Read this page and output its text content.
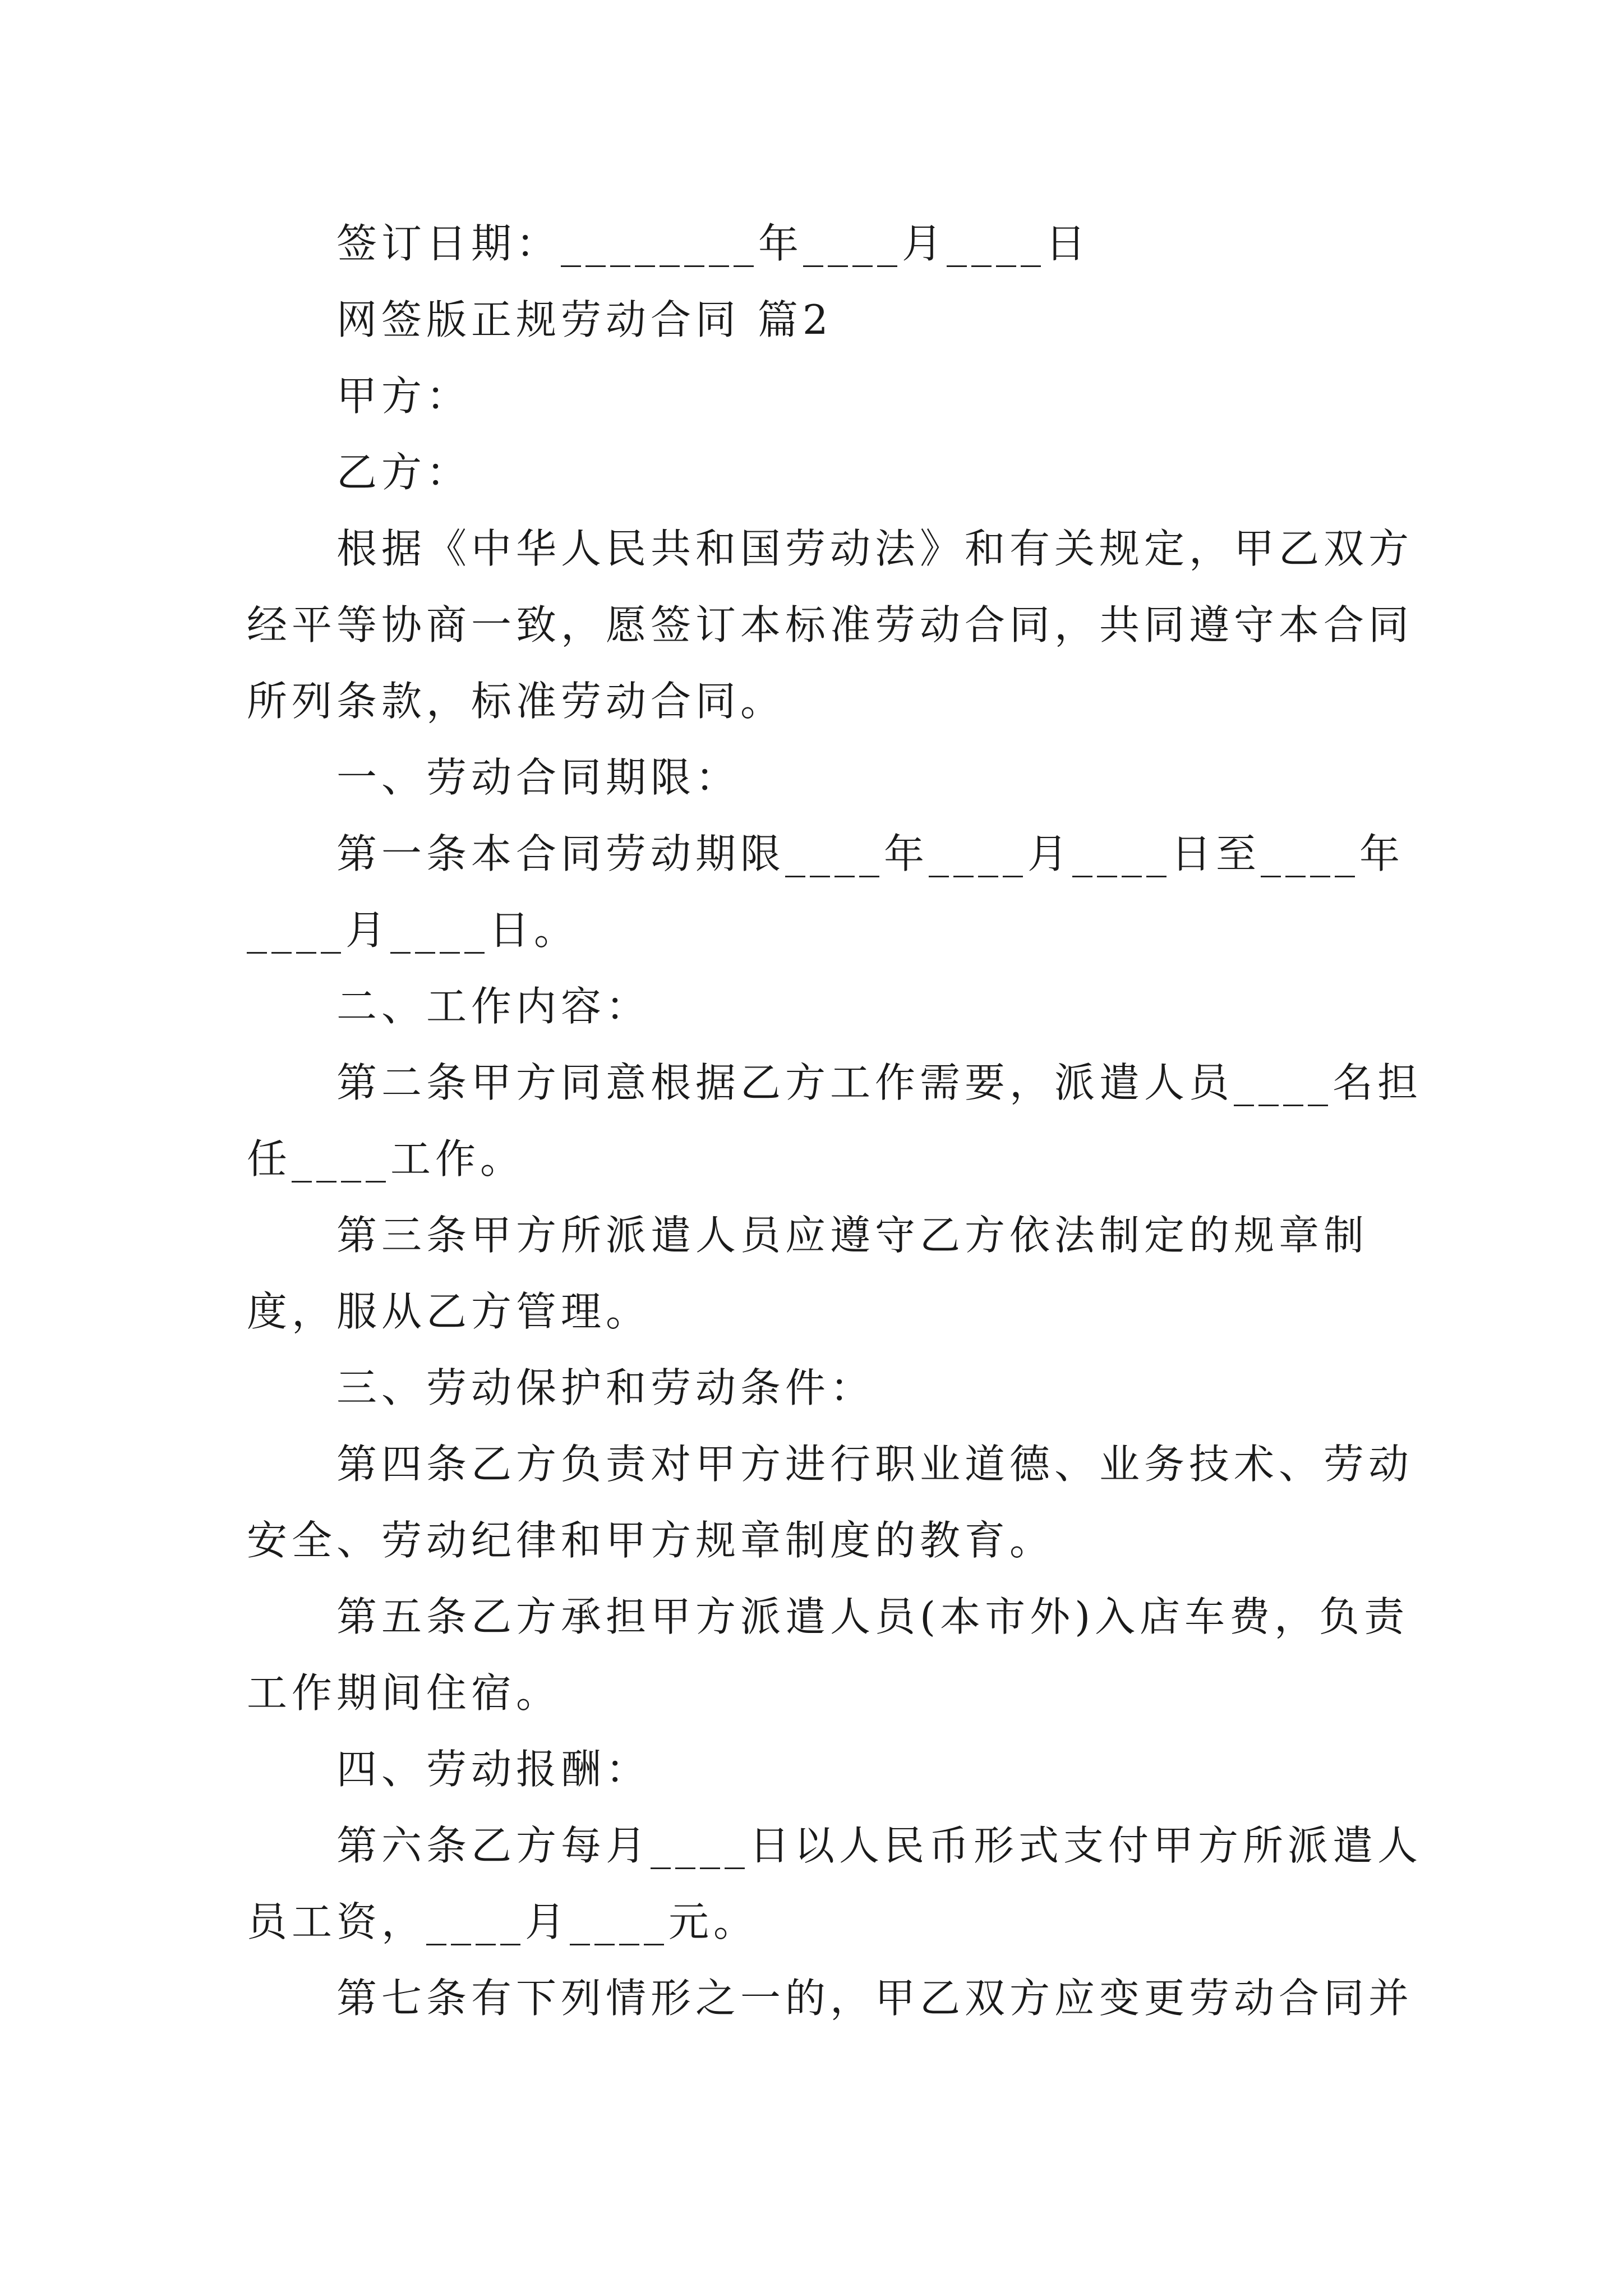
签订日期：________年____月____日
网签版正规劳动合同 篇2
甲方：
乙方：
根据《中华人民共和国劳动法》和有关规定，甲乙双方
经平等协商一致，愿签订本标准劳动合同，共同遵守本合同
所列条款，标准劳动合同。
一、劳动合同期限：
第一条本合同劳动期限____年____月____日至____年
____月____日。
二、工作内容：
第二条甲方同意根据乙方工作需要，派遣人员____名担
任____工作。
第三条甲方所派遣人员应遵守乙方依法制定的规章制
度，服从乙方管理。
三、劳动保护和劳动条件：
第四条乙方负责对甲方进行职业道德、业务技术、劳动
安全、劳动纪律和甲方规章制度的教育。
第五条乙方承担甲方派遣人员(本市外)入店车费，负责
工作期间住宿。
四、劳动报酬：
第六条乙方每月____日以人民币形式支付甲方所派遣人
员工资，____月____元。
第七条有下列情形之一的，甲乙双方应变更劳动合同并
